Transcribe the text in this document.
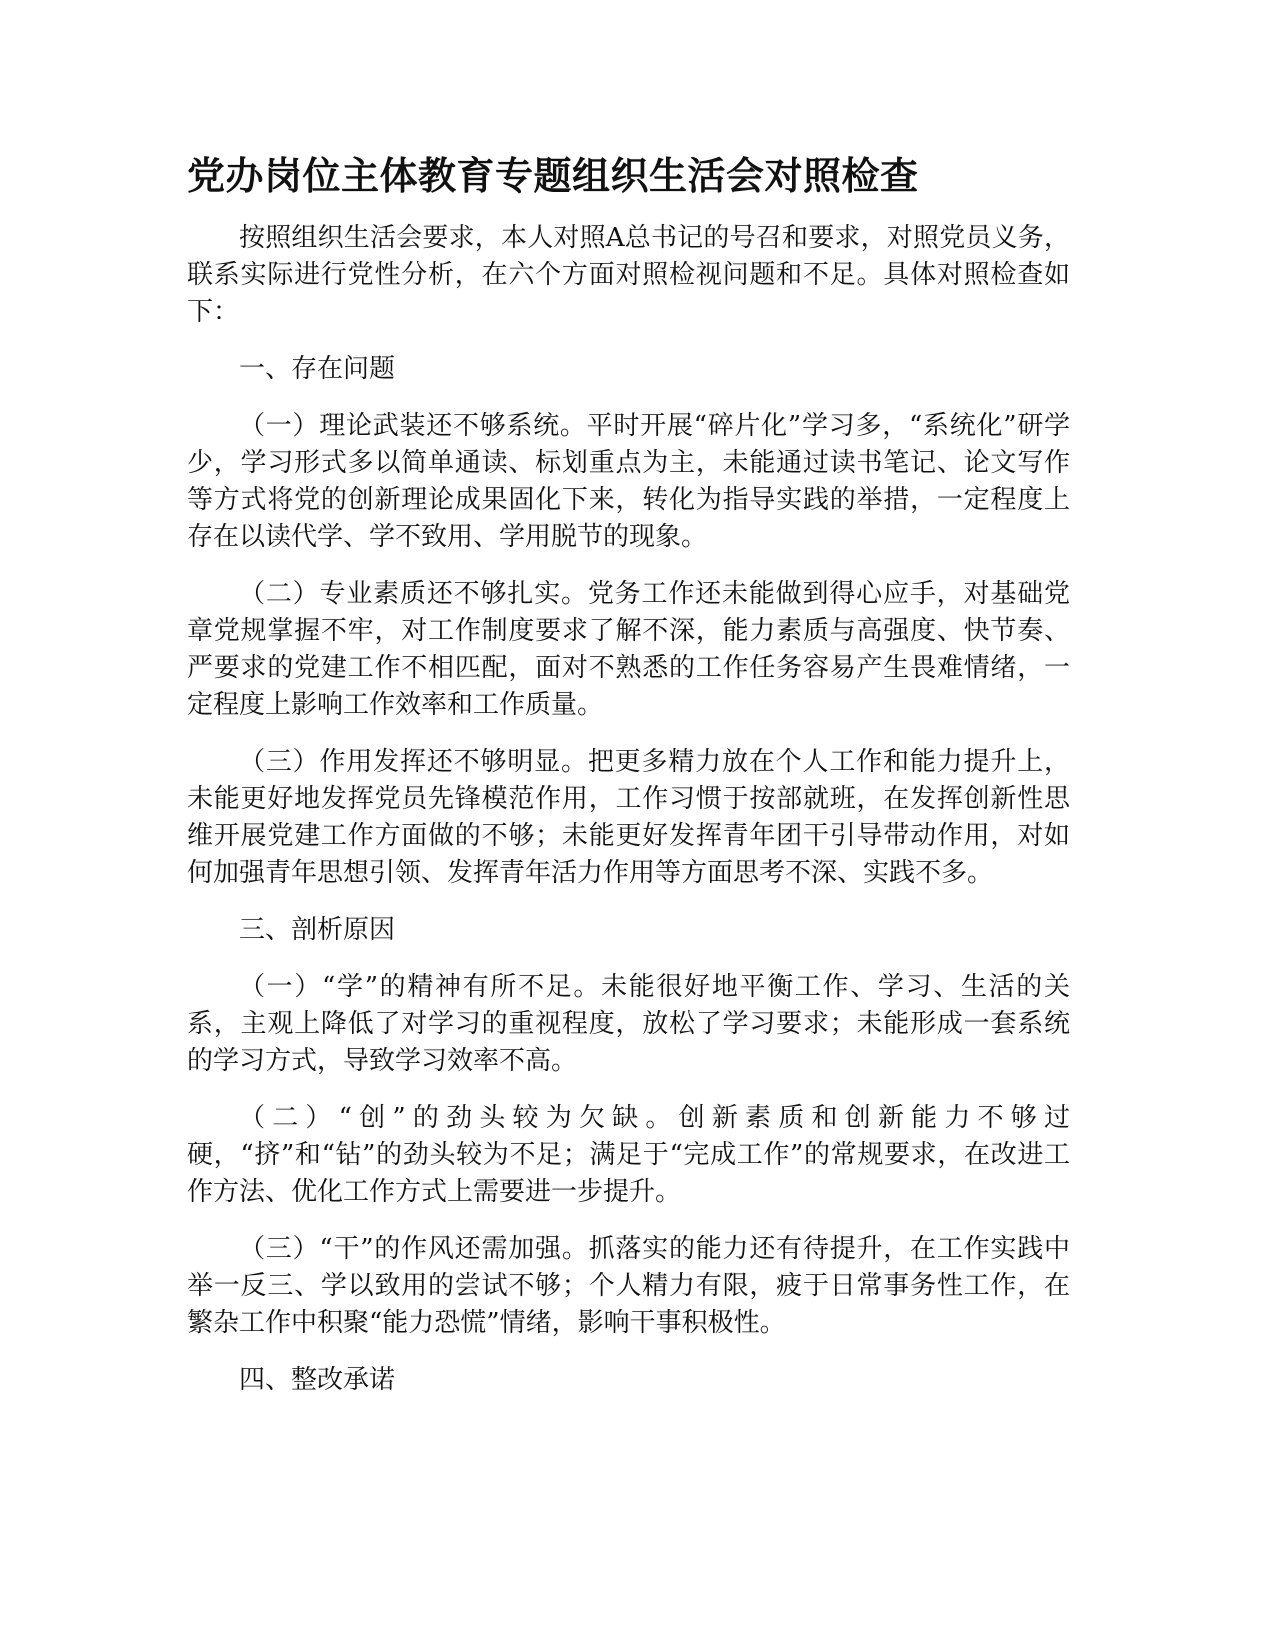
党办岗位主体教育专题组织生活会对照检查

按照组织生活会要求，本人对照A总书记的号召和要求，对照党员义务，联系实际进行党性分析，在六个方面对照检视问题和不足。具体对照检查如下：

一、存在问题

（一）理论武装还不够系统。平时开展“碎片化”学习多，“系统化”研学少，学习形式多以简单通读、标划重点为主，未能通过读书笔记、论文写作等方式将党的创新理论成果固化下来，转化为指导实践的举措，一定程度上存在以读代学、学不致用、学用脱节的现象。

（二）专业素质还不够扎实。党务工作还未能做到得心应手，对基础党章党规掌握不牢，对工作制度要求了解不深，能力素质与高强度、快节奏、严要求的党建工作不相匹配，面对不熟悉的工作任务容易产生畏难情绪，一定程度上影响工作效率和工作质量。

（三）作用发挥还不够明显。把更多精力放在个人工作和能力提升上，未能更好地发挥党员先锋模范作用，工作习惯于按部就班，在发挥创新性思维开展党建工作方面做的不够；未能更好发挥青年团干引导带动作用，对如何加强青年思想引领、发挥青年活力作用等方面思考不深、实践不多。

三、剖析原因

（一）“学”的精神有所不足。未能很好地平衡工作、学习、生活的关系，主观上降低了对学习的重视程度，放松了学习要求；未能形成一套系统的学习方式，导致学习效率不高。

（二）“创”的劲头较为欠缺。创新素质和创新能力不够过硬，“挤”和“钻”的劲头较为不足；满足于“完成工作”的常规要求，在改进工作方法、优化工作方式上需要进一步提升。

（三）“干”的作风还需加强。抓落实的能力还有待提升，在工作实践中举一反三、学以致用的尝试不够；个人精力有限，疲于日常事务性工作，在繁杂工作中积聚“能力恐慌”情绪，影响干事积极性。

四、整改承诺
